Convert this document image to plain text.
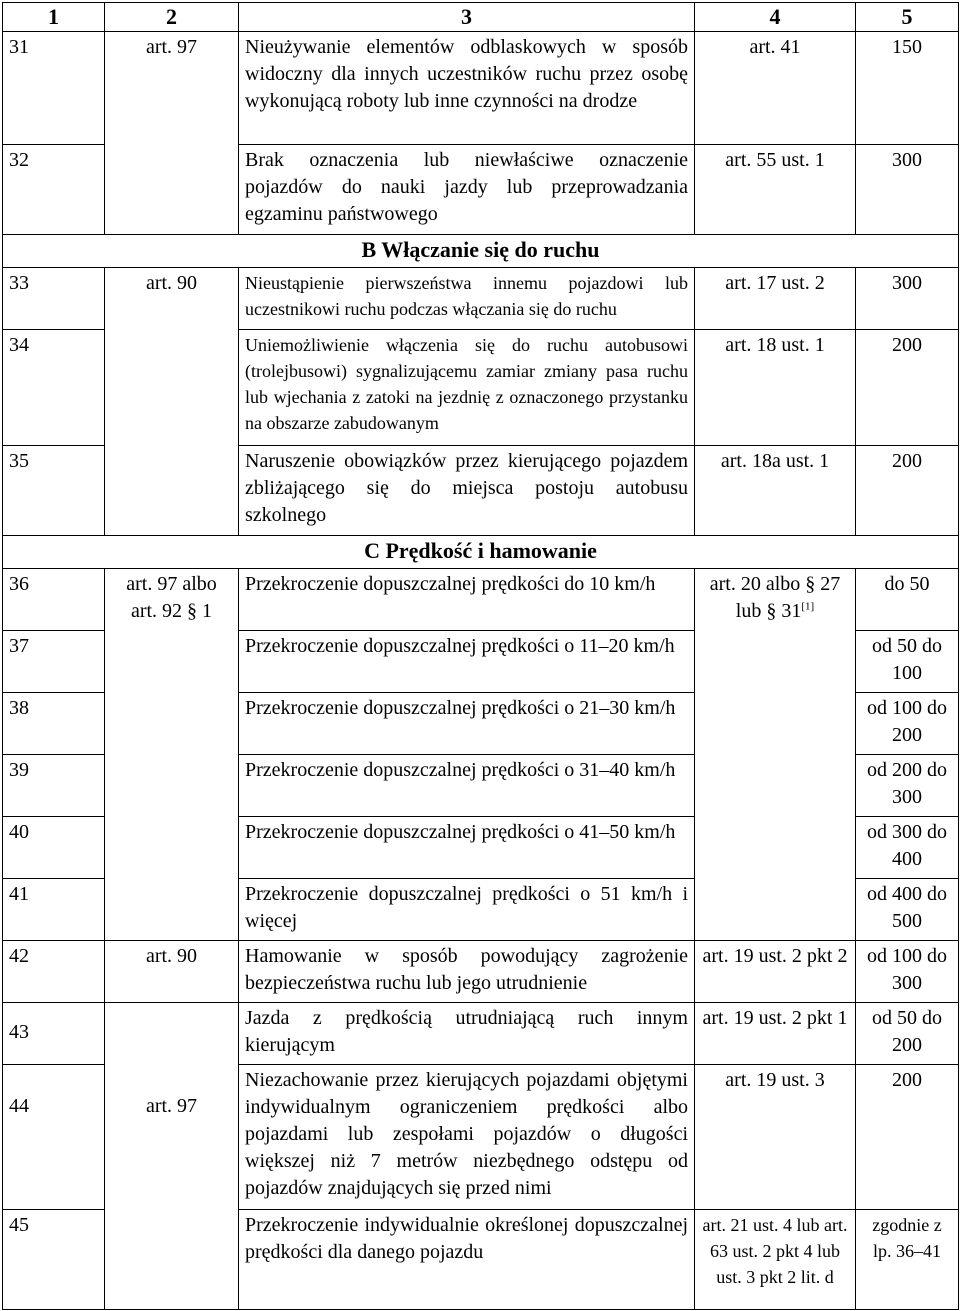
1	2	3	4	5
31	art. 97	Nieużywanie elementów odblaskowych w sposób widoczny dla innych uczestników ruchu przez osobę wykonującą roboty lub inne czynności na drodze	art. 41	150
32		Brak oznaczenia lub niewłaściwe oznaczenie pojazdów do nauki jazdy lub przeprowadzania egzaminu państwowego	art. 55 ust. 1	300
B Włączanie się do ruchu				
33	art. 90	Nieustąpienie pierwszeństwa innemu pojazdowi lub uczestnikowi ruchu podczas włączania się do ruchu	art. 17 ust. 2	300
34		Uniemożliwienie włączenia się do ruchu autobusowi (trolejbusowi) sygnalizującemu zamiar zmiany pasa ruchu lub wjechania z zatoki na jezdnię z oznaczonego przystanku na obszarze zabudowanym	art. 18 ust. 1	200
35		Naruszenie obowiązków przez kierującego pojazdem zbliżającego się do miejsca postoju autobusu szkolnego	art. 18a ust. 1	200
C Prędkość i hamowanie				
36	art. 97 albo art. 92 § 1	Przekroczenie dopuszczalnej prędkości do 10 km/h	art. 20 albo § 27 lub § 31[1]	do 50
37		Przekroczenie dopuszczalnej prędkości o 11–20 km/h		od 50 do 100
38		Przekroczenie dopuszczalnej prędkości o 21–30 km/h		od 100 do 200
39		Przekroczenie dopuszczalnej prędkości o 31–40 km/h		od 200 do 300
40		Przekroczenie dopuszczalnej prędkości o 41–50 km/h		od 300 do 400
41		Przekroczenie dopuszczalnej prędkości o 51 km/h i więcej		od 400 do 500
42	art. 90	Hamowanie w sposób powodujący zagrożenie bezpieczeństwa ruchu lub jego utrudnienie	art. 19 ust. 2 pkt 2	od 100 do 300
43		Jazda z prędkością utrudniającą ruch innym kierującym	art. 19 ust. 2 pkt 1	od 50 do 200
44	art. 97	Niezachowanie przez kierujących pojazdami objętymi indywidualnym ograniczeniem prędkości albo pojazdami lub zespołami pojazdów o długości większej niż 7 metrów niezbędnego odstępu od pojazdów znajdujących się przed nimi	art. 19 ust. 3	200
45		Przekroczenie indywidualnie określonej dopuszczalnej prędkości dla danego pojazdu	art. 21 ust. 4 lub art. 63 ust. 2 pkt 4 lub ust. 3 pkt 2 lit. d	zgodnie z lp. 36–41
